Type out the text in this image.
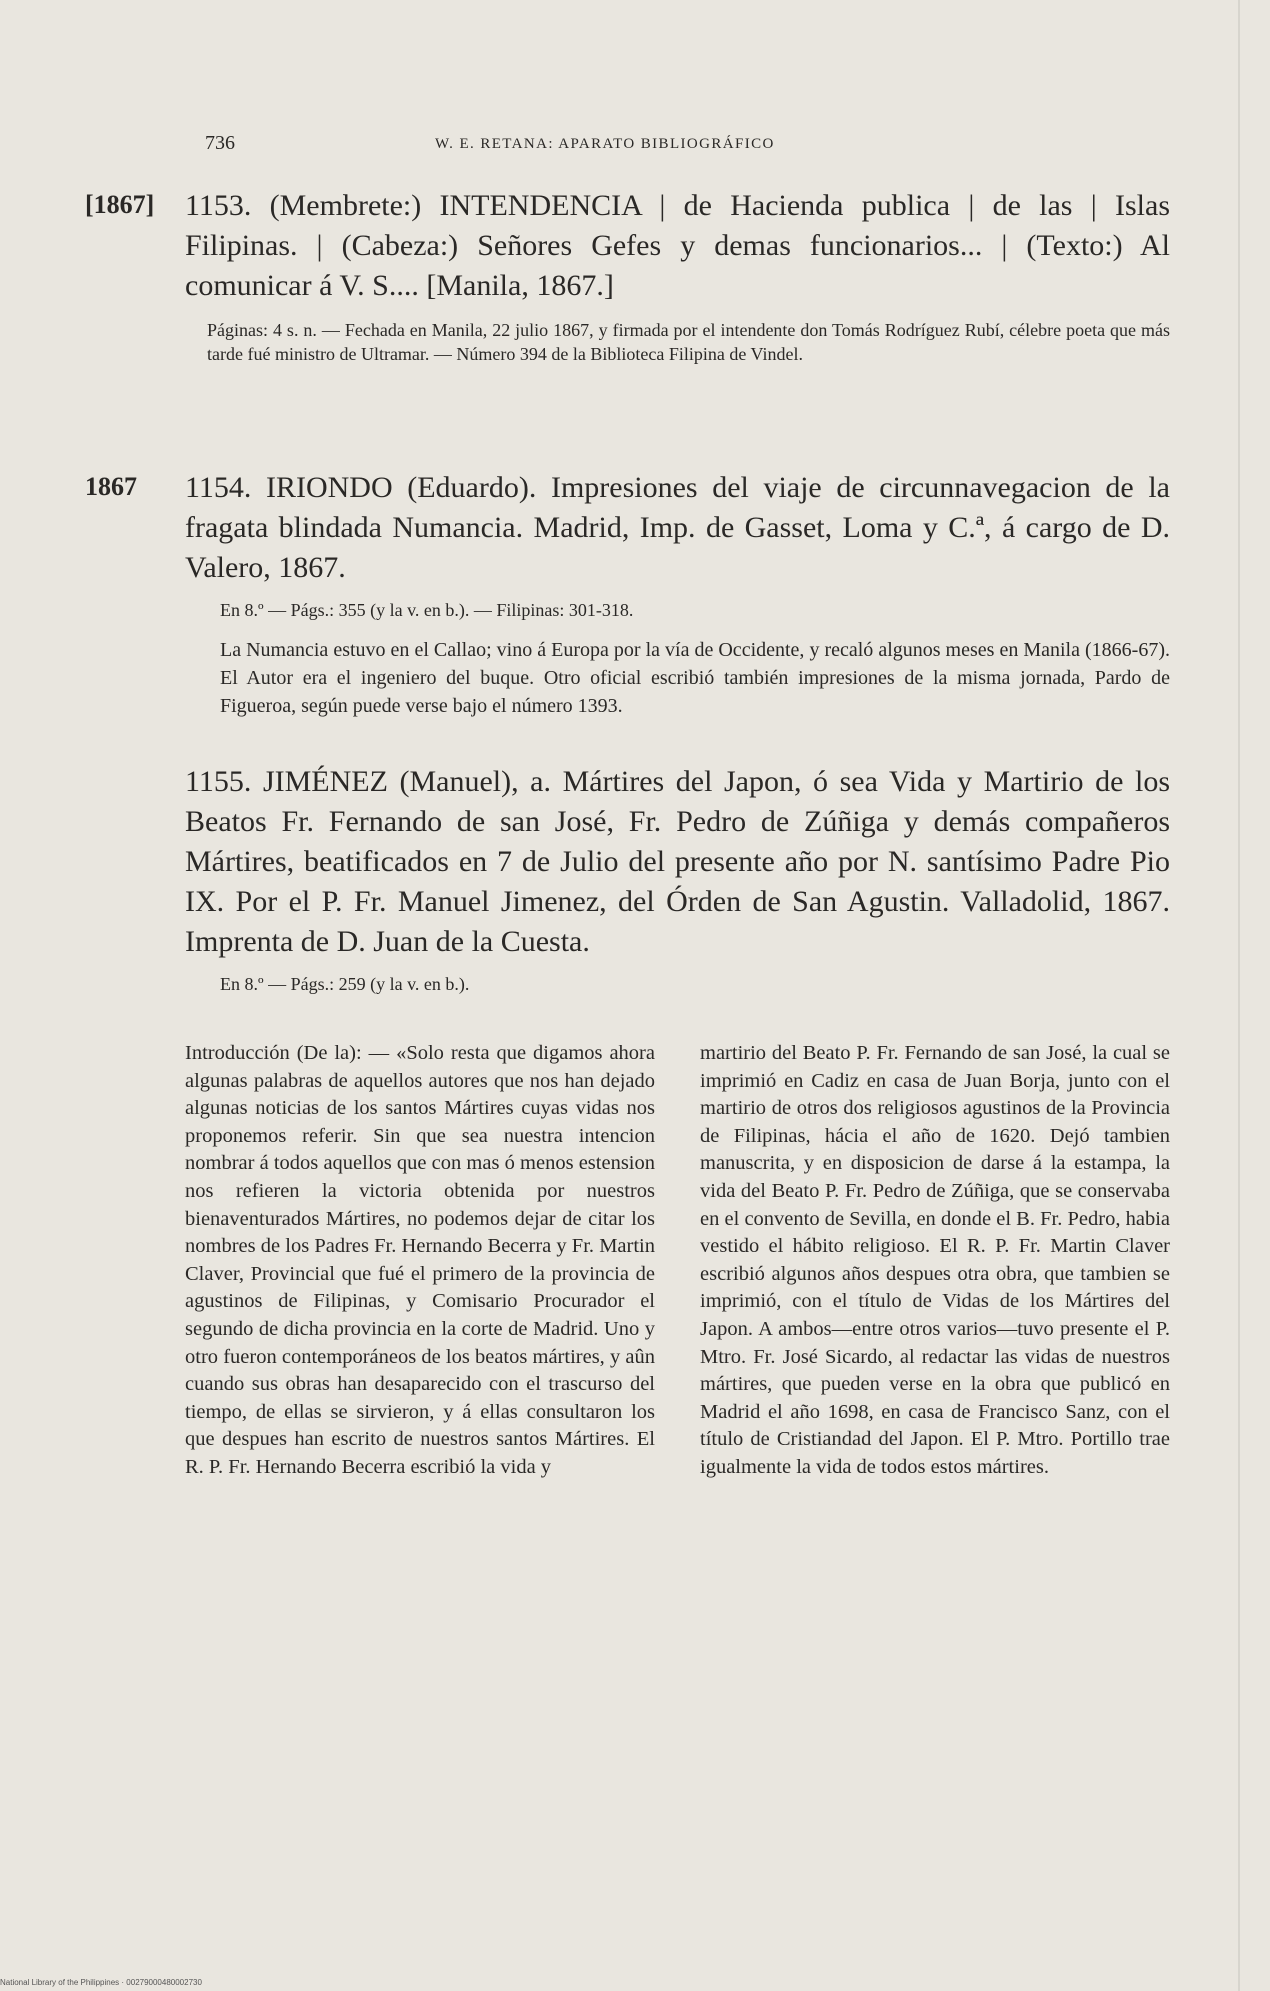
736	W. E. RETANA: APARATO BIBLIOGRÁFICO
[1867] 1153. (Membrete:) INTENDENCIA | de Hacienda publica | de las | Islas Filipinas. | (Cabeza:) Señores Gefes y demas funcionarios... | (Texto:) Al comunicar á V. S.... [Manila, 1867.]

Páginas: 4 s. n. — Fechada en Manila, 22 julio 1867, y firmada por el intendente don Tomás Rodríguez Rubí, célebre poeta que más tarde fué ministro de Ultramar. — Número 394 de la Biblioteca Filipina de Vindel.
1867 1154. IRIONDO (Eduardo). Impresiones del viaje de circunnavegacion de la fragata blindada Numancia. Madrid, Imp. de Gasset, Loma y C.ª, á cargo de D. Valero, 1867.

En 8.º — Págs.: 355 (y la v. en b.). — Filipinas: 301-318.
La Numancia estuvo en el Callao; vino á Europa por la vía de Occidente, y recaló algunos meses en Manila (1866-67). El Autor era el ingeniero del buque. Otro oficial escribió también impresiones de la misma jornada, Pardo de Figueroa, según puede verse bajo el número 1393.

1155. JIMÉNEZ (Manuel), a. Mártires del Japon, ó sea Vida y Martirio de los Beatos Fr. Fernando de san José, Fr. Pedro de Zúñiga y demás compañeros Mártires, beatificados en 7 de Julio del presente año por N. santísimo Padre Pio IX. Por el P. Fr. Manuel Jimenez, del Órden de San Agustin. Valladolid, 1867. Imprenta de D. Juan de la Cuesta.

En 8.º — Págs.: 259 (y la v. en b.).
Introducción (De la): — «Solo resta que digamos ahora algunas palabras de aquellos autores que nos han dejado algunas noticias de los santos Mártires cuyas vidas nos proponemos referir. Sin que sea nuestra intencion nombrar á todos aquellos que con mas ó menos estension nos refieren la victoria obtenida por nuestros bienaventurados Mártires, no podemos dejar de citar los nombres de los Padres Fr. Hernando Becerra y Fr. Martin Claver, Provincial que fué el primero de la provincia de agustinos de Filipinas, y Comisario Procurador el segundo de dicha provincia en la corte de Madrid. Uno y otro fueron contemporáneos de los beatos mártires, y aûn cuando sus obras han desaparecido con el trascurso del tiempo, de ellas se sirvieron, y á ellas consultaron los que despues han escrito de nuestros santos Mártires. El R. P. Fr. Hernando Becerra escribió la vida y
martirio del Beato P. Fr. Fernando de san José, la cual se imprimió en Cadiz en casa de Juan Borja, junto con el martirio de otros dos religiosos agustinos de la Provincia de Filipinas, hácia el año de 1620. Dejó tambien manuscrita, y en disposicion de darse á la estampa, la vida del Beato P. Fr. Pedro de Zúñiga, que se conservaba en el convento de Sevilla, en donde el B. Fr. Pedro, habia vestido el hábito religioso. El R. P. Fr. Martin Claver escribió algunos años despues otra obra, que tambien se imprimió, con el título de Vidas de los Mártires del Japon. A ambos—entre otros varios—tuvo presente el P. Mtro. Fr. José Sicardo, al redactar las vidas de nuestros mártires, que pueden verse en la obra que publicó en Madrid el año 1698, en casa de Francisco Sanz, con el título de Cristiandad del Japon. El P. Mtro. Portillo trae igualmente la vida de todos estos mártires.
National Library of the Philippines · 00279000480002730
